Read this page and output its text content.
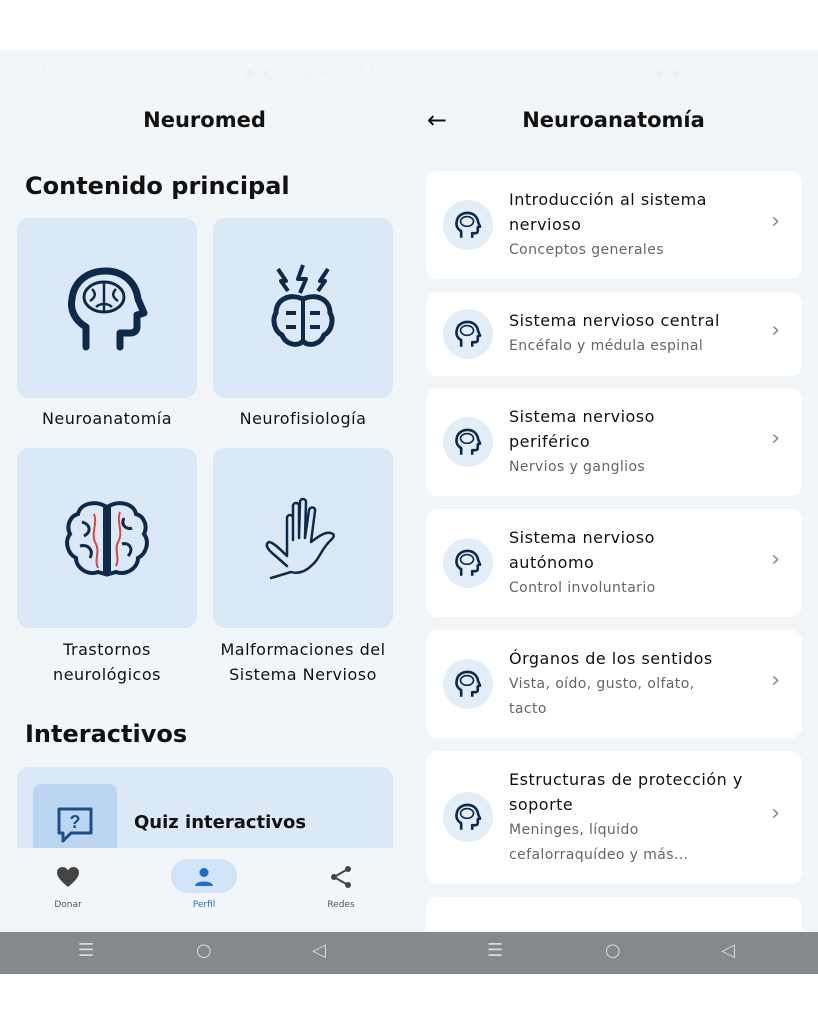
9:21	◆ ◐ ✉ ◎ ≋ ·· 55
Neuromed
Contenido principal
Neuroanatomía	Neurofisiología
Trastornos
neurológicos
Malformaciones del
Sistema Nervioso
Interactivos
?	Quiz interactivos
Donar	Perfil	Redes
☰	○	◁
9:23	◆ ◐ ✉ ◎ ≋ ·· 55
←	Neuroanatomía
Introducción al sistema nervioso
Conceptos generales
›
Sistema nervioso central
Encéfalo y médula espinal
›
Sistema nervioso periférico
Nervios y ganglios
›
Sistema nervioso autónomo
Control involuntario
›
Órganos de los sentidos
Vista, oído, gusto, olfato, tacto
›
Estructuras de protección y soporte
Meninges, líquido cefalorraquídeo y más...
›
☰	○	◁
